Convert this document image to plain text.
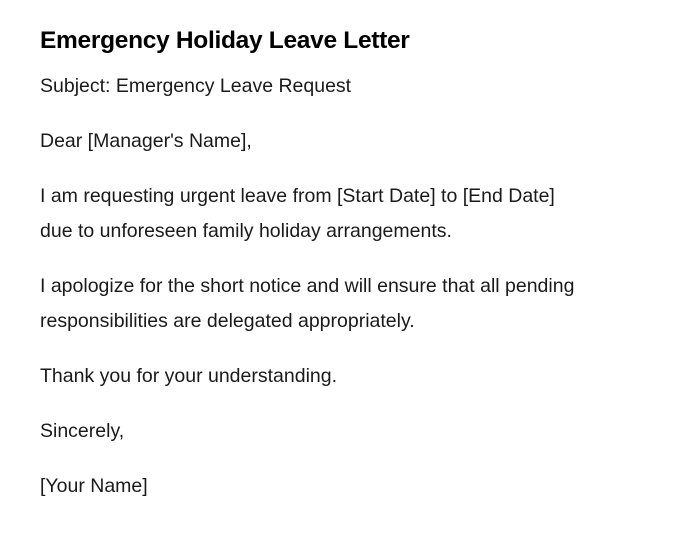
Emergency Holiday Leave Letter

Subject: Emergency Leave Request

Dear [Manager's Name],

I am requesting urgent leave from [Start Date] to [End Date]
due to unforeseen family holiday arrangements.

I apologize for the short notice and will ensure that all pending
responsibilities are delegated appropriately.

Thank you for your understanding.

Sincerely,

[Your Name]
